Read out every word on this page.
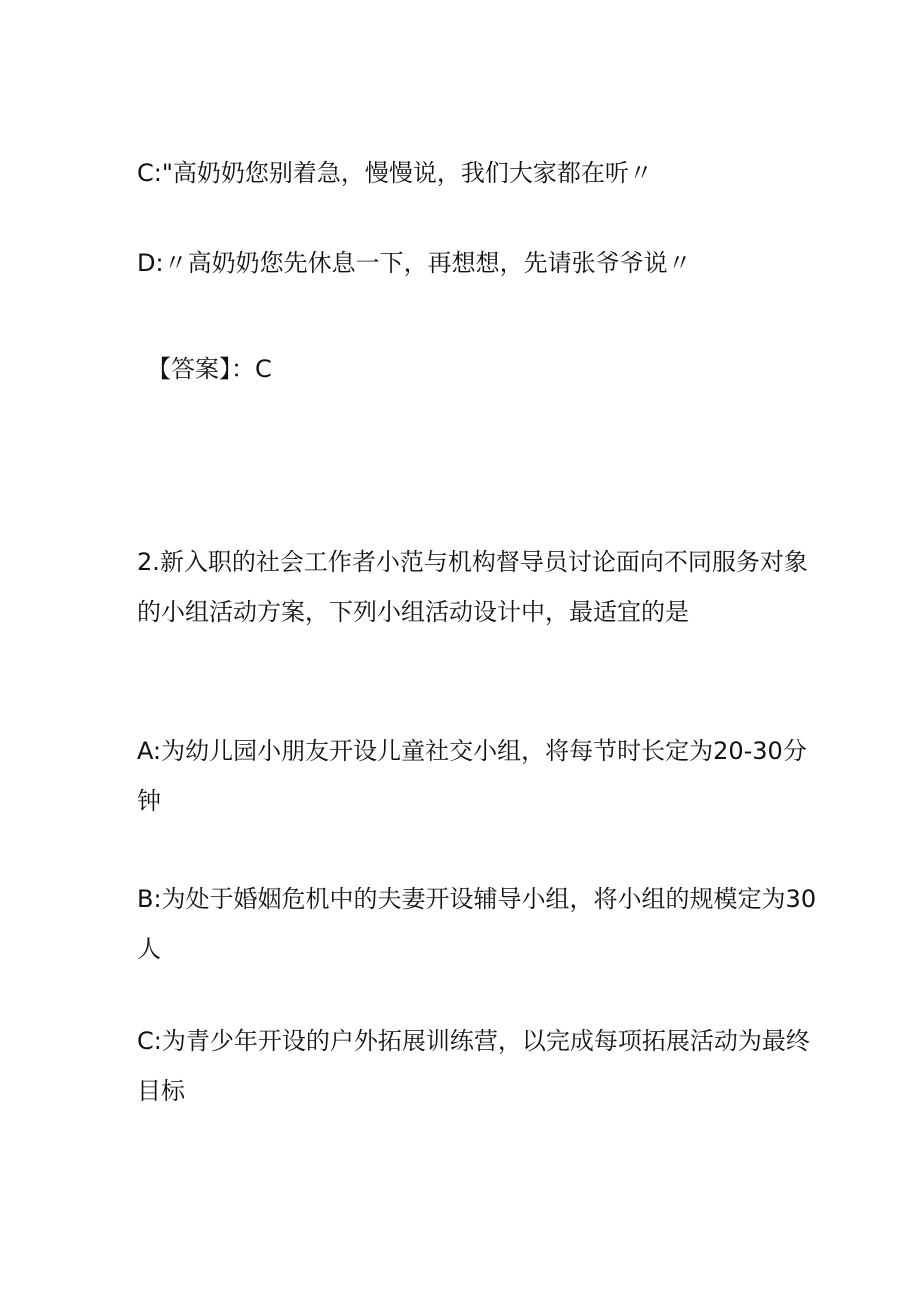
C:"高奶奶您别着急，慢慢说，我们大家都在听〃

D:〃高奶奶您先休息一下，再想想，先请张爷爷说〃

【答案】：C

2.新入职的社会工作者小范与机构督导员讨论面向不同服务对象
的小组活动方案，下列小组活动设计中，最适宜的是
A:为幼儿园小朋友开设儿童社交小组，将每节时长定为20-30分
钟
B:为处于婚姻危机中的夫妻开设辅导小组，将小组的规模定为30
人
C:为青少年开设的户外拓展训练营，以完成每项拓展活动为最终
目标
